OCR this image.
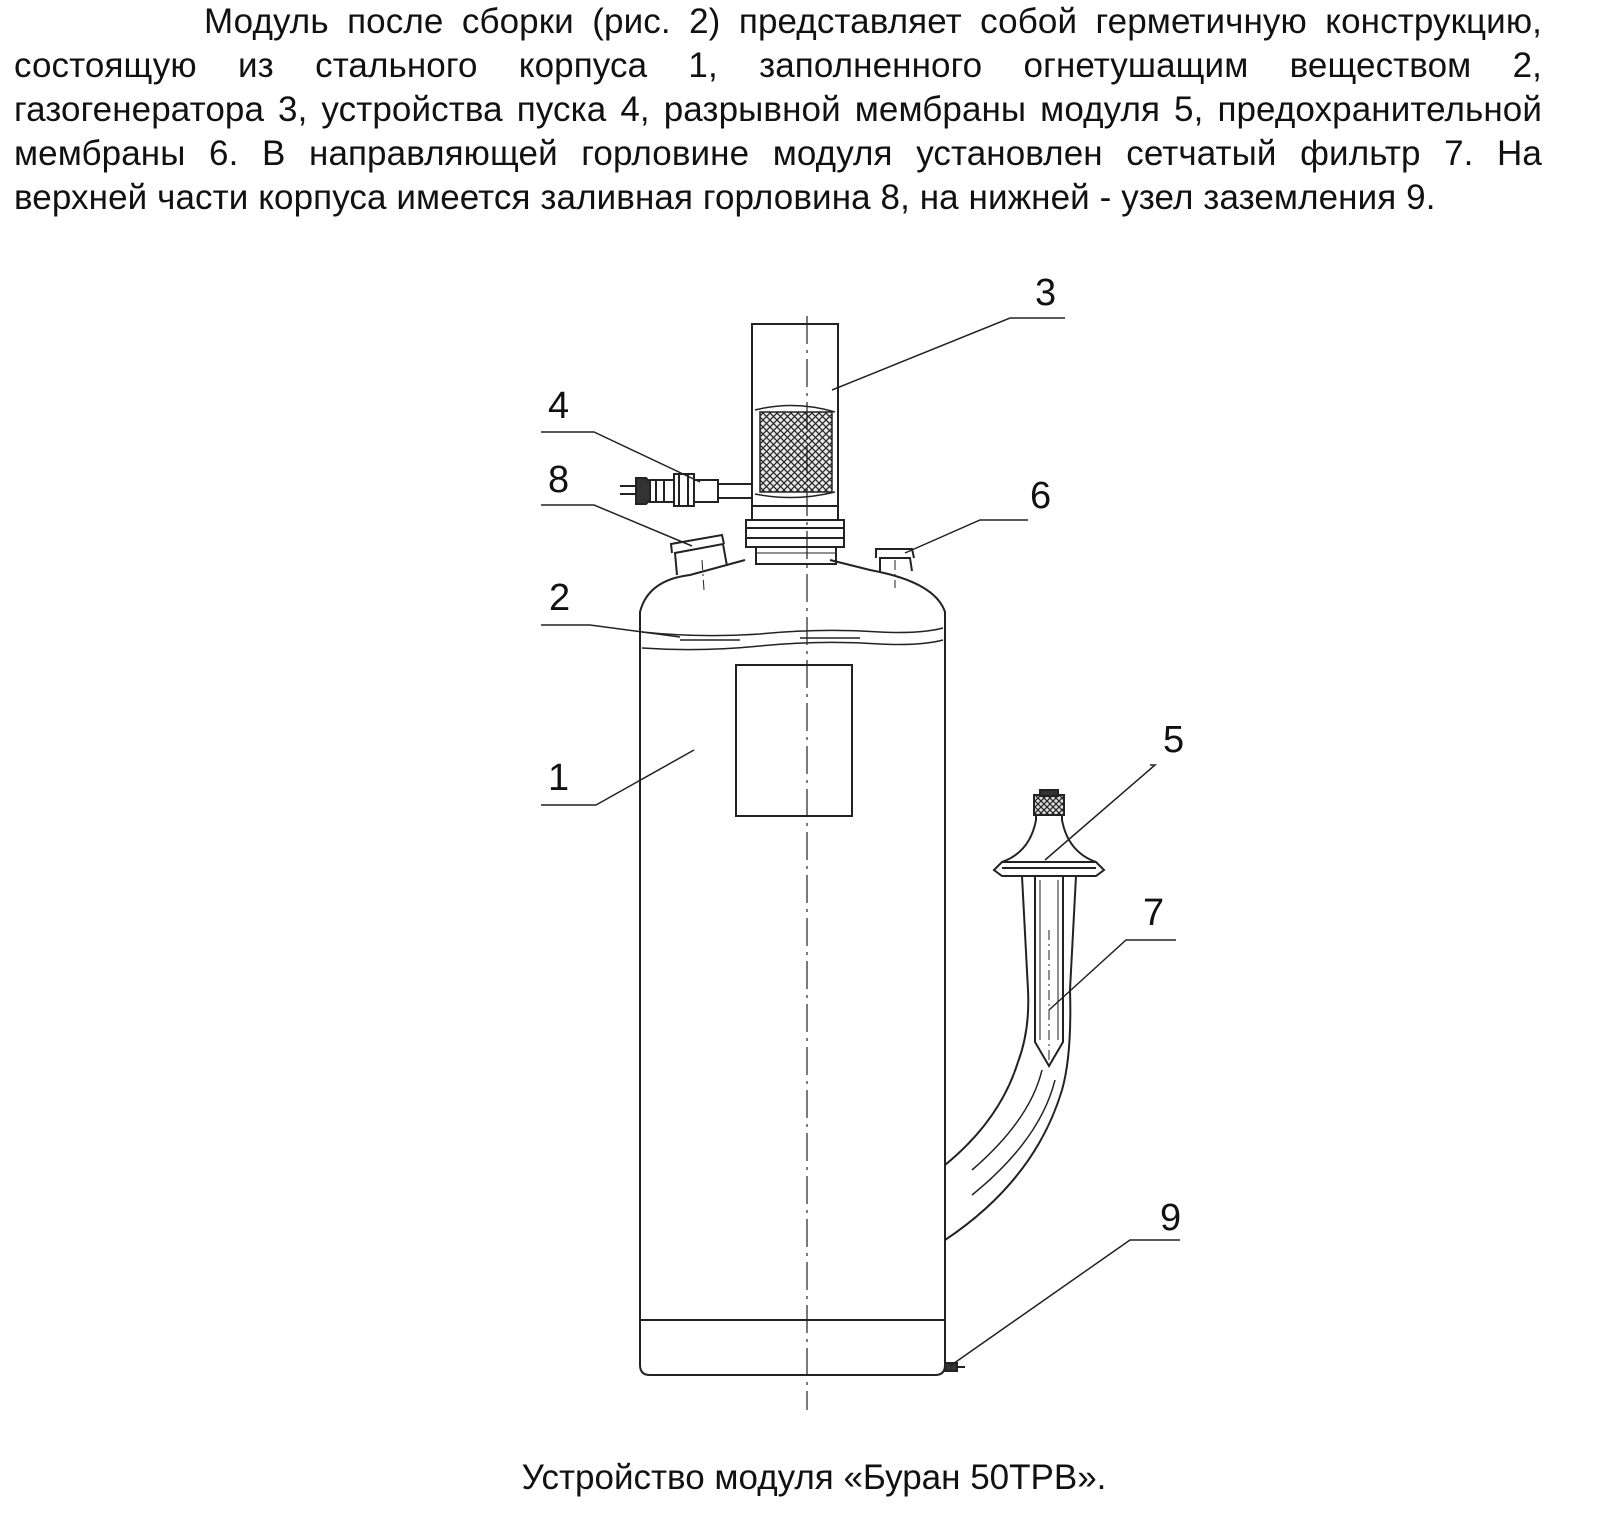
Модуль после сборки (рис. 2) представляет собой герметичную конструкцию, состоящую из стального корпуса 1, заполненного огнетушащим веществом 2, газогенератора 3, устройства пуска 4, разрывной мембраны модуля 5, предохранительной мембраны 6. В направляющей горловине модуля установлен сетчатый фильтр 7. На верхней части корпуса имеется заливная горловина 8, на нижней - узел заземления 9.

1
2
3
4
5
6
7
8
9
Устройство модуля «Буран 50ТРВ».
